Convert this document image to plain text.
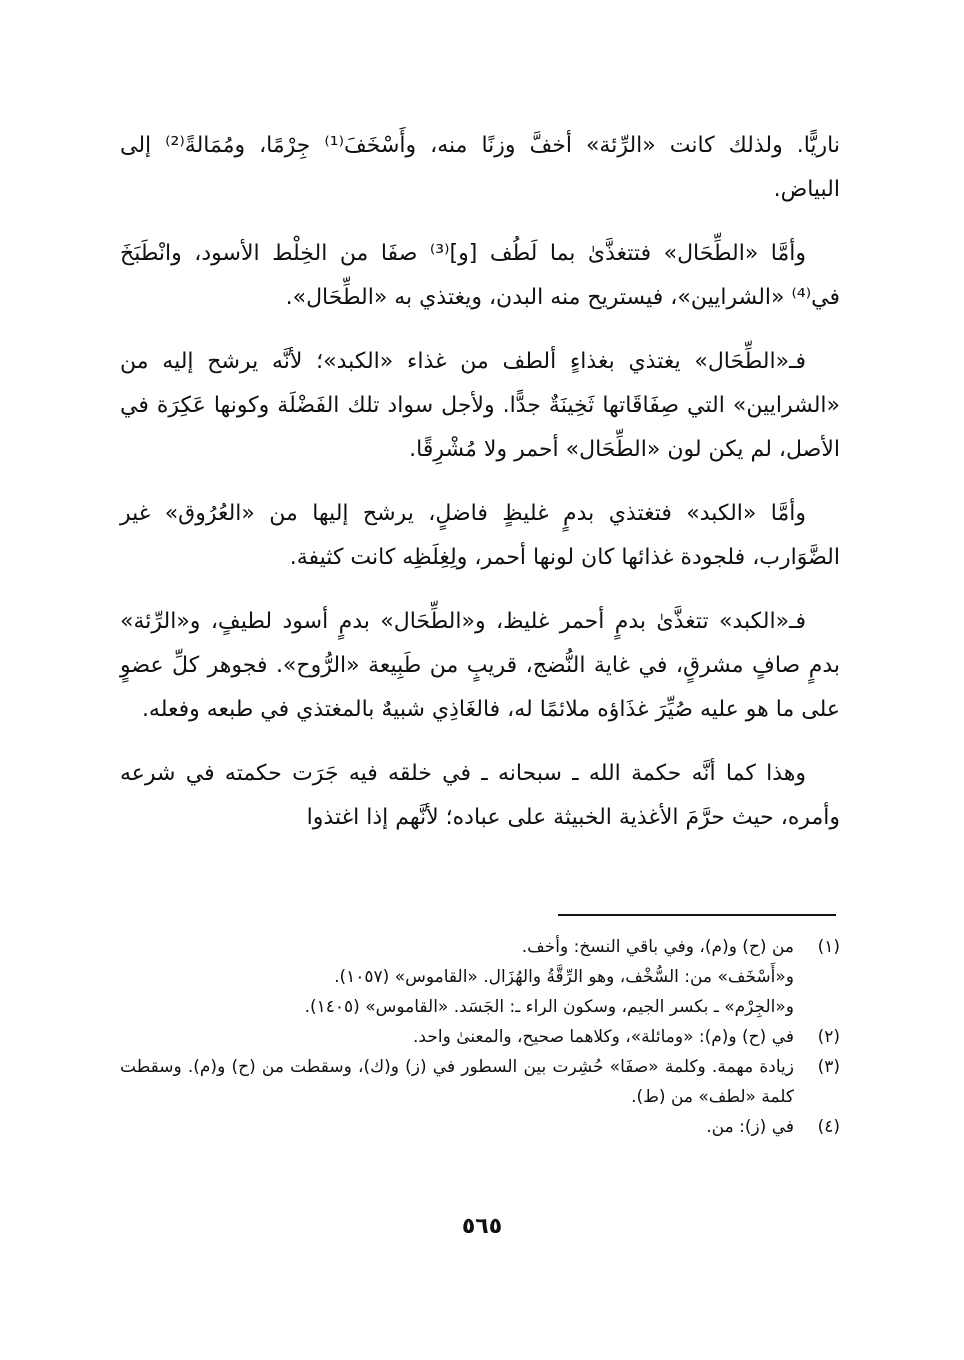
ناريًّا. ولذلك كانت «الرِّئة» أخفَّ وزنًا منه، وأَسْخَفَ⁽¹⁾ جِرْمًا، ومُمَالةً⁽²⁾ إلى البياض.

وأمَّا «الطِّحَال» فتتغذَّىٰ بما لَطُف [و]⁽³⁾ صفَا من الخِلْط الأسود، وانْطَبَخَ في⁽⁴⁾ «الشرايين»، فيستريح منه البدن، ويغتذي به «الطِّحَال».

فـ«الطِّحَال» يغتذي بغذاءٍ ألطف من غذاء «الكبد»؛ لأنَّه يرشح إليه من «الشرايين» التي صِفَاقَاتها ثَخِينَةٌ جدًّا. ولأجل سواد تلك الفَضْلَة وكونها عَكِرَة في الأصل، لم يكن لون «الطِّحَال» أحمر ولا مُشْرِقًا.

وأمَّا «الكبد» فتغتذي بدمٍ غليظٍ فاضلٍ، يرشح إليها من «العُرُوق» غير الضَّوَارب، فلجودة غذائها كان لونها أحمر، ولِغِلَظِه كانت كثيفة.

فـ«الكبد» تتغذَّىٰ بدمٍ أحمر غليظ، و«الطِّحَال» بدمٍ أسود لطيفٍ، و«الرِّئة» بدمٍ صافٍ مشرقٍ، في غاية النُّضج، قريبٍ من طَبِيعة «الرُّوح». فجوهر كلِّ عضوٍ على ما هو عليه صُيِّرَ غذَاؤه ملائمًا له، فالغَاذِي شبيهٌ بالمغتذي في طبعه وفعله.

وهذا كما أنَّه حكمة الله ـ سبحانه ـ في خلقه فيه جَرَت حكمته في شرعه وأمره، حيث حرَّمَ الأغذية الخبيثة على عباده؛ لأنَّهم إذا اغتذوا

(١)
من (ح) و(م)، وفي باقي النسخ: وأخف.

و«أَسْخَف» من: السُّخْف، وهو الرِّقَّةُ والهُزَال. «القاموس» (١٠٥٧).

و«الجِرْم» ـ بكسر الجيم، وسكون الراء ـ: الجَسَد. «القاموس» (١٤٠٥).

(٢)
في (ح) و(م): «ومائلة»، وكلاهما صحيح، والمعنىٰ واحد.
(٣)
زيادة مهمة. وكلمة «صفَا» حُشِرت بين السطور في (ز) و(ك)، وسقطت من (ح) و(م). وسقطت كلمة «لطف» من (ط).
(٤)
في (ز): من.
٥٦٥
